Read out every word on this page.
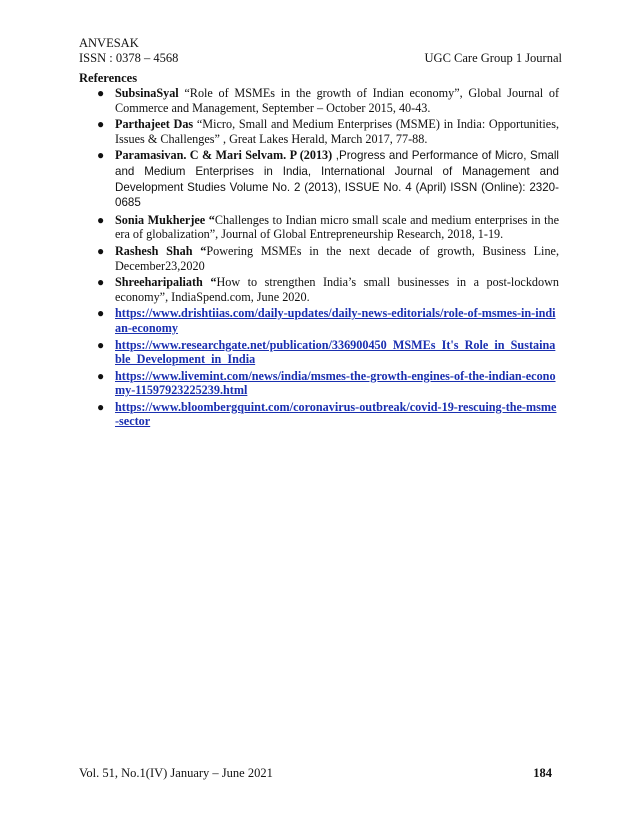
ANVESAK
ISSN : 0378 – 4568	UGC Care Group 1 Journal
References
● SubsinaSyal “Role of MSMEs in the growth of Indian economy”, Global Journal of Commerce and Management, September – October 2015, 40-43.
● Parthajeet Das “Micro, Small and Medium Enterprises (MSME) in India: Opportunities, Issues & Challenges” , Great Lakes Herald, March 2017, 77-88.
● Paramasivan. C & Mari Selvam. P (2013) ,Progress and Performance of Micro, Small and Medium Enterprises in India, International Journal of Management and Development Studies Volume No. 2 (2013), ISSUE No. 4 (April) ISSN (Online): 2320-0685
● Sonia Mukherjee “Challenges to Indian micro small scale and medium enterprises in the era of globalization”, Journal of Global Entrepreneurship Research, 2018, 1-19.
● Rashesh Shah “Powering MSMEs in the next decade of growth, Business Line, December23,2020
● Shreeharipaliath “How to strengthen India’s small businesses in a post-lockdown economy”, IndiaSpend.com, June 2020.
● https://www.drishtiias.com/daily-updates/daily-news-editorials/role-of-msmes-in-indian-economy
● https://www.researchgate.net/publication/336900450_MSMEs_It's_Role_in_Sustainable_Development_in_India
● https://www.livemint.com/news/india/msmes-the-growth-engines-of-the-indian-economy-11597923225239.html
● https://www.bloombergquint.com/coronavirus-outbreak/covid-19-rescuing-the-msme-sector
Vol. 51, No.1(IV) January – June 2021	184
